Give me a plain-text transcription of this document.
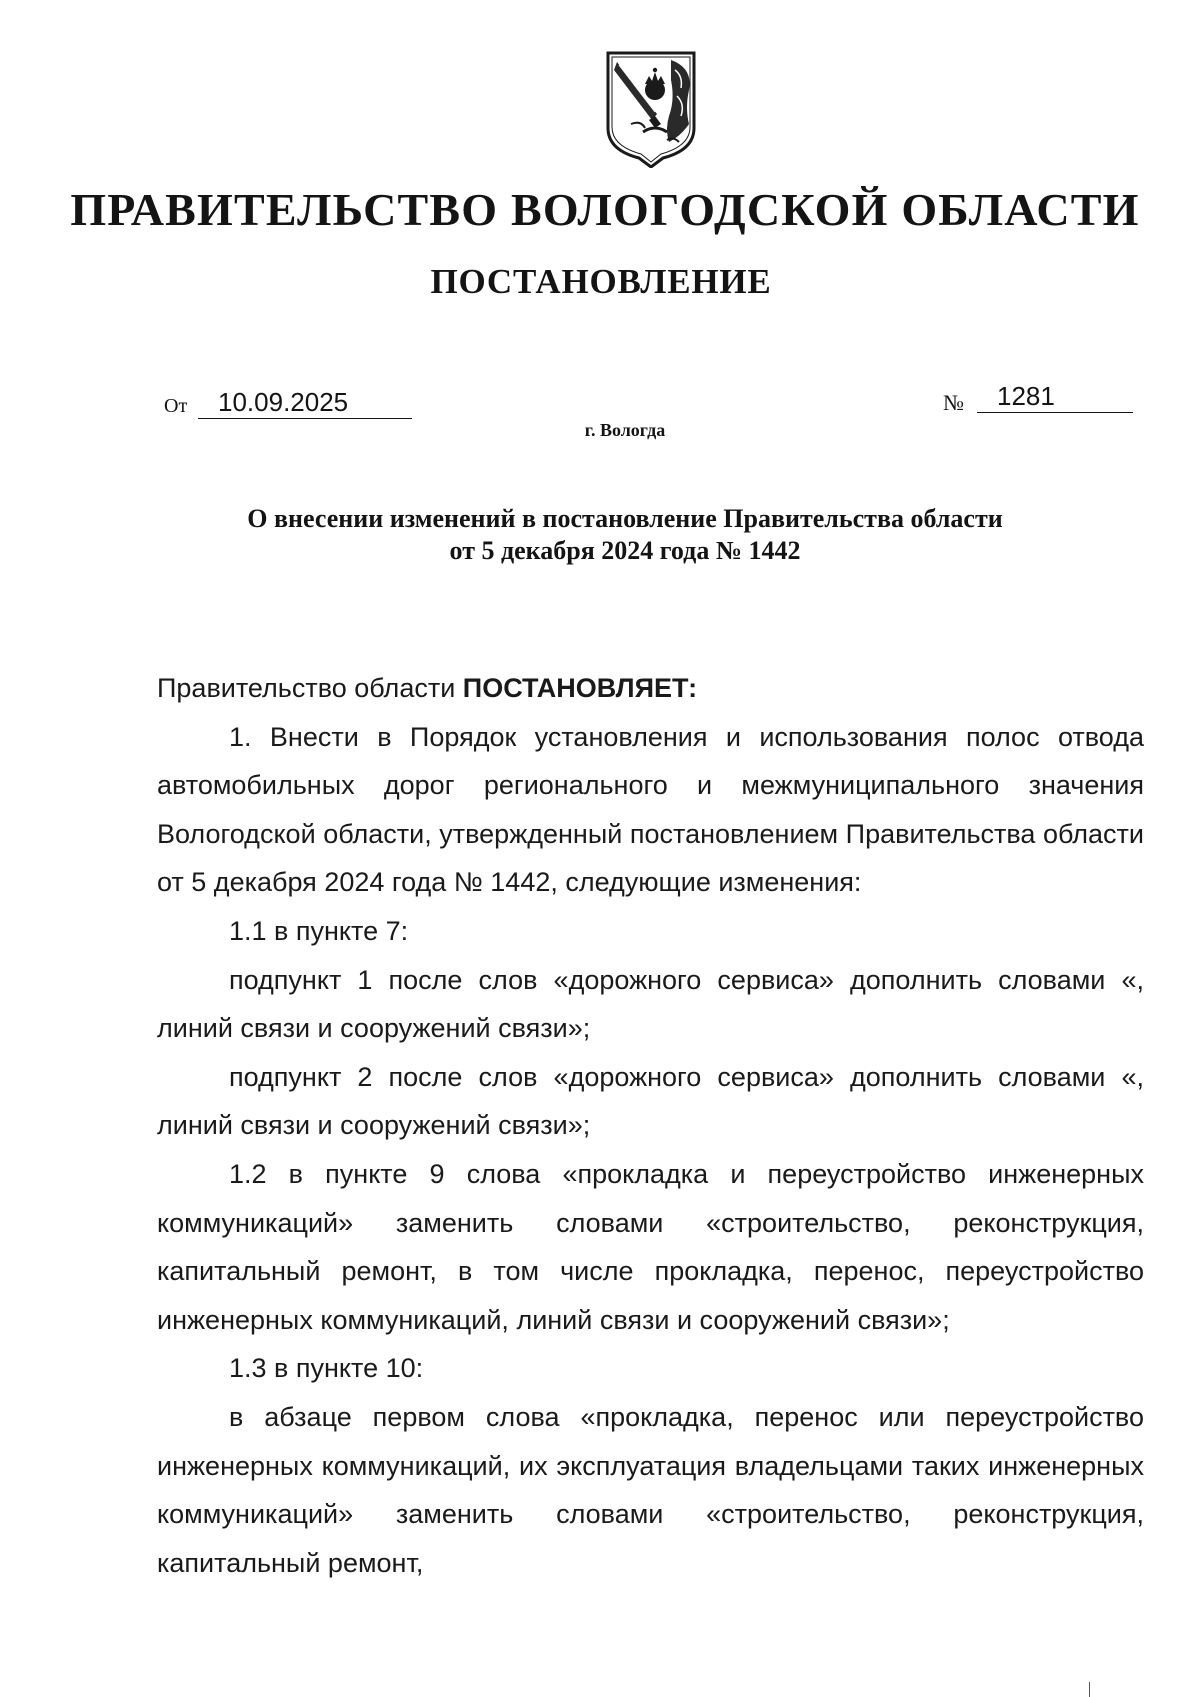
ПРАВИТЕЛЬСТВО ВОЛОГОДСКОЙ ОБЛАСТИ
ПОСТАНОВЛЕНИЕ
От	10.09.2025	№	1281
г. Вологда
О внесении изменений в постановление Правительства области
от 5 декабря 2024 года № 1442

Правительство области ПОСТАНОВЛЯЕТ:

1. Внести в Порядок установления и использования полос отвода автомобильных дорог регионального и межмуниципального значения Вологодской области, утвержденный постановлением Правительства области от 5 декабря 2024 года № 1442, следующие изменения:

1.1 в пункте 7:

подпункт 1 после слов «дорожного сервиса» дополнить словами «, линий связи и сооружений связи»;

подпункт 2 после слов «дорожного сервиса» дополнить словами «, линий связи и сооружений связи»;

1.2 в пункте 9 слова «прокладка и переустройство инженерных коммуникаций» заменить словами «строительство, реконструкция, капитальный ремонт, в том числе прокладка, перенос, переустройство инженерных коммуникаций, линий связи и сооружений связи»;

1.3 в пункте 10:

в абзаце первом слова «прокладка, перенос или переустройство инженерных коммуникаций, их эксплуатация владельцами таких инженерных коммуникаций» заменить словами «строительство, реконструкция, капитальный ремонт,
